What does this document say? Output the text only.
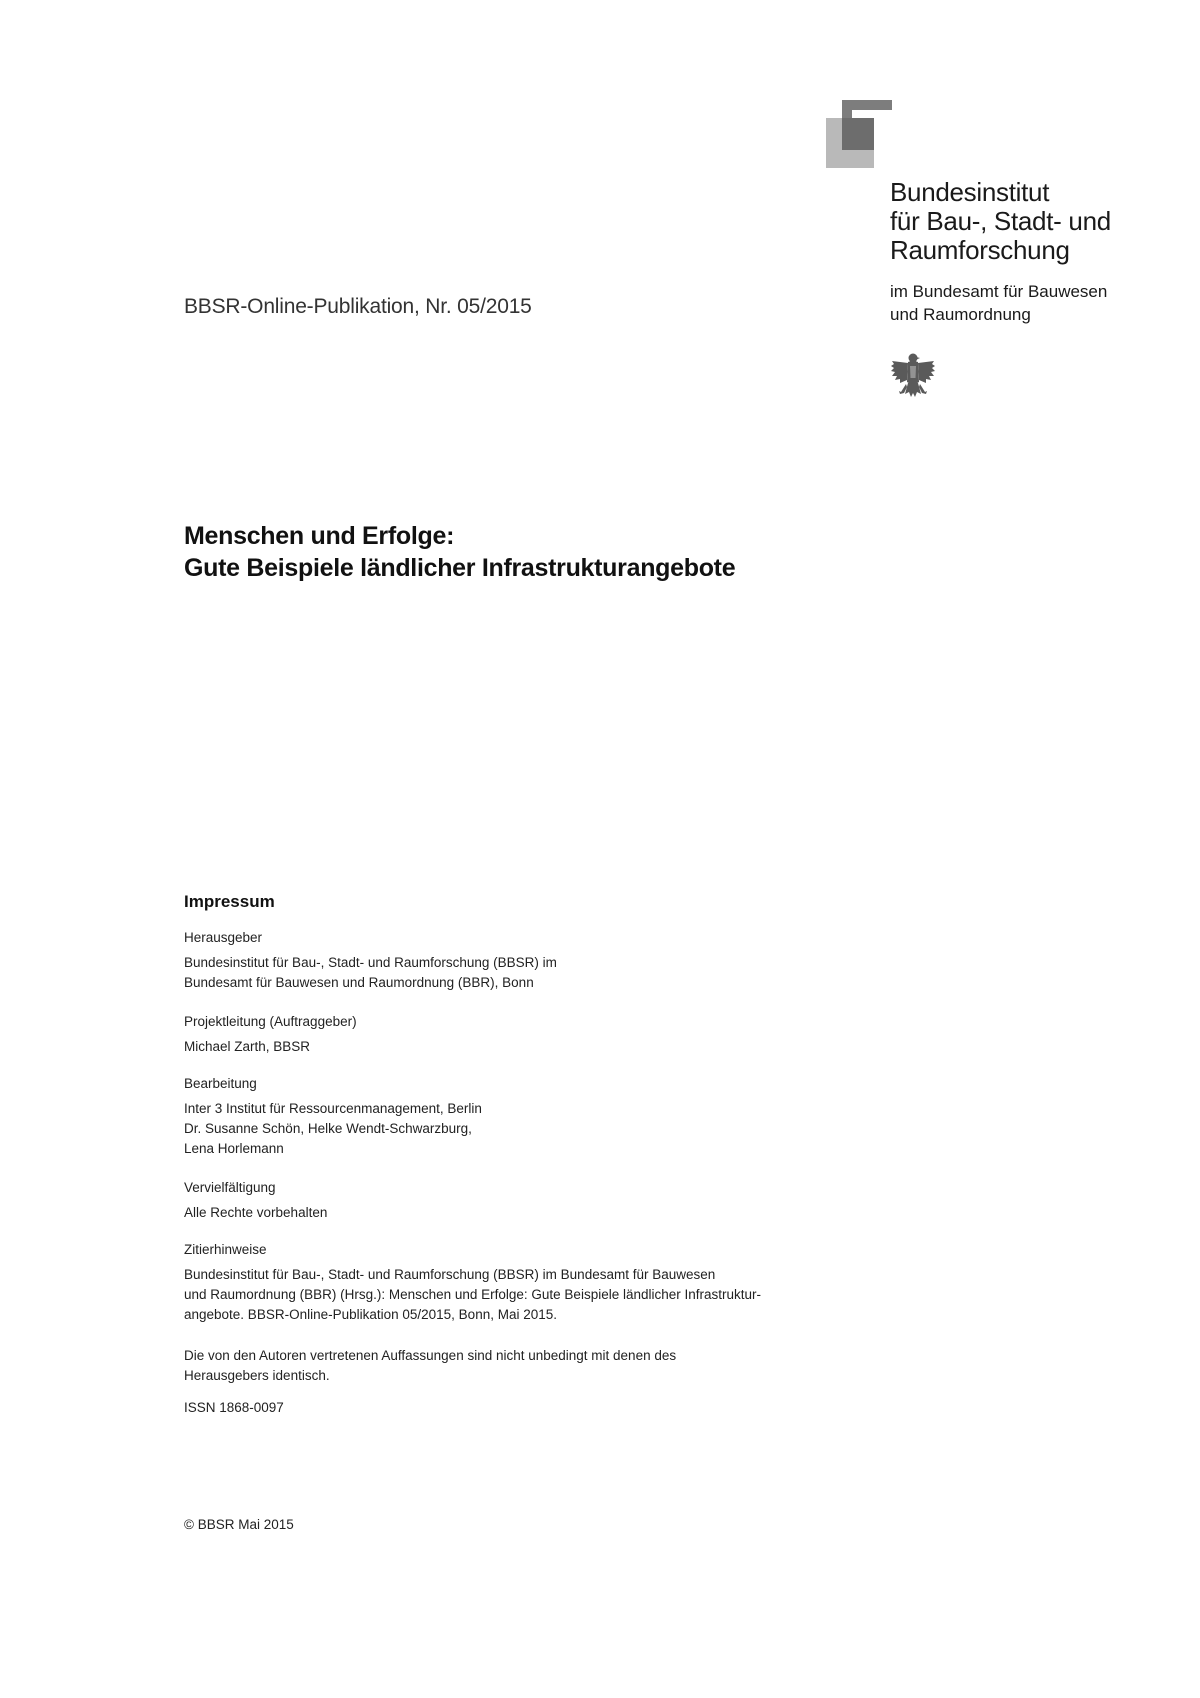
Bundesinstitut
für Bau-, Stadt- und
Raumforschung
im Bundesamt für Bauwesen
und Raumordnung
BBSR-Online-Publikation, Nr. 05/2015
Menschen und Erfolge:
Gute Beispiele ländlicher Infrastrukturangebote
Impressum

Herausgeber

Bundesinstitut für Bau-, Stadt- und Raumforschung (BBSR) im

Bundesamt für Bauwesen und Raumordnung (BBR), Bonn

Projektleitung (Auftraggeber)

Michael Zarth, BBSR

Bearbeitung

Inter 3 Institut für Ressourcenmanagement, Berlin

Dr. Susanne Schön, Helke Wendt-Schwarzburg,

Lena Horlemann

Vervielfältigung

Alle Rechte vorbehalten

Zitierhinweise

Bundesinstitut für Bau-, Stadt- und Raumforschung (BBSR) im Bundesamt für Bauwesen

und Raumordnung (BBR) (Hrsg.): Menschen und Erfolge: Gute Beispiele ländlicher Infrastruktur-

angebote. BBSR-Online-Publikation 05/2015, Bonn, Mai 2015.

Die von den Autoren vertretenen Auffassungen sind nicht unbedingt mit denen des

Herausgebers identisch.

ISSN 1868-0097
© BBSR Mai 2015
